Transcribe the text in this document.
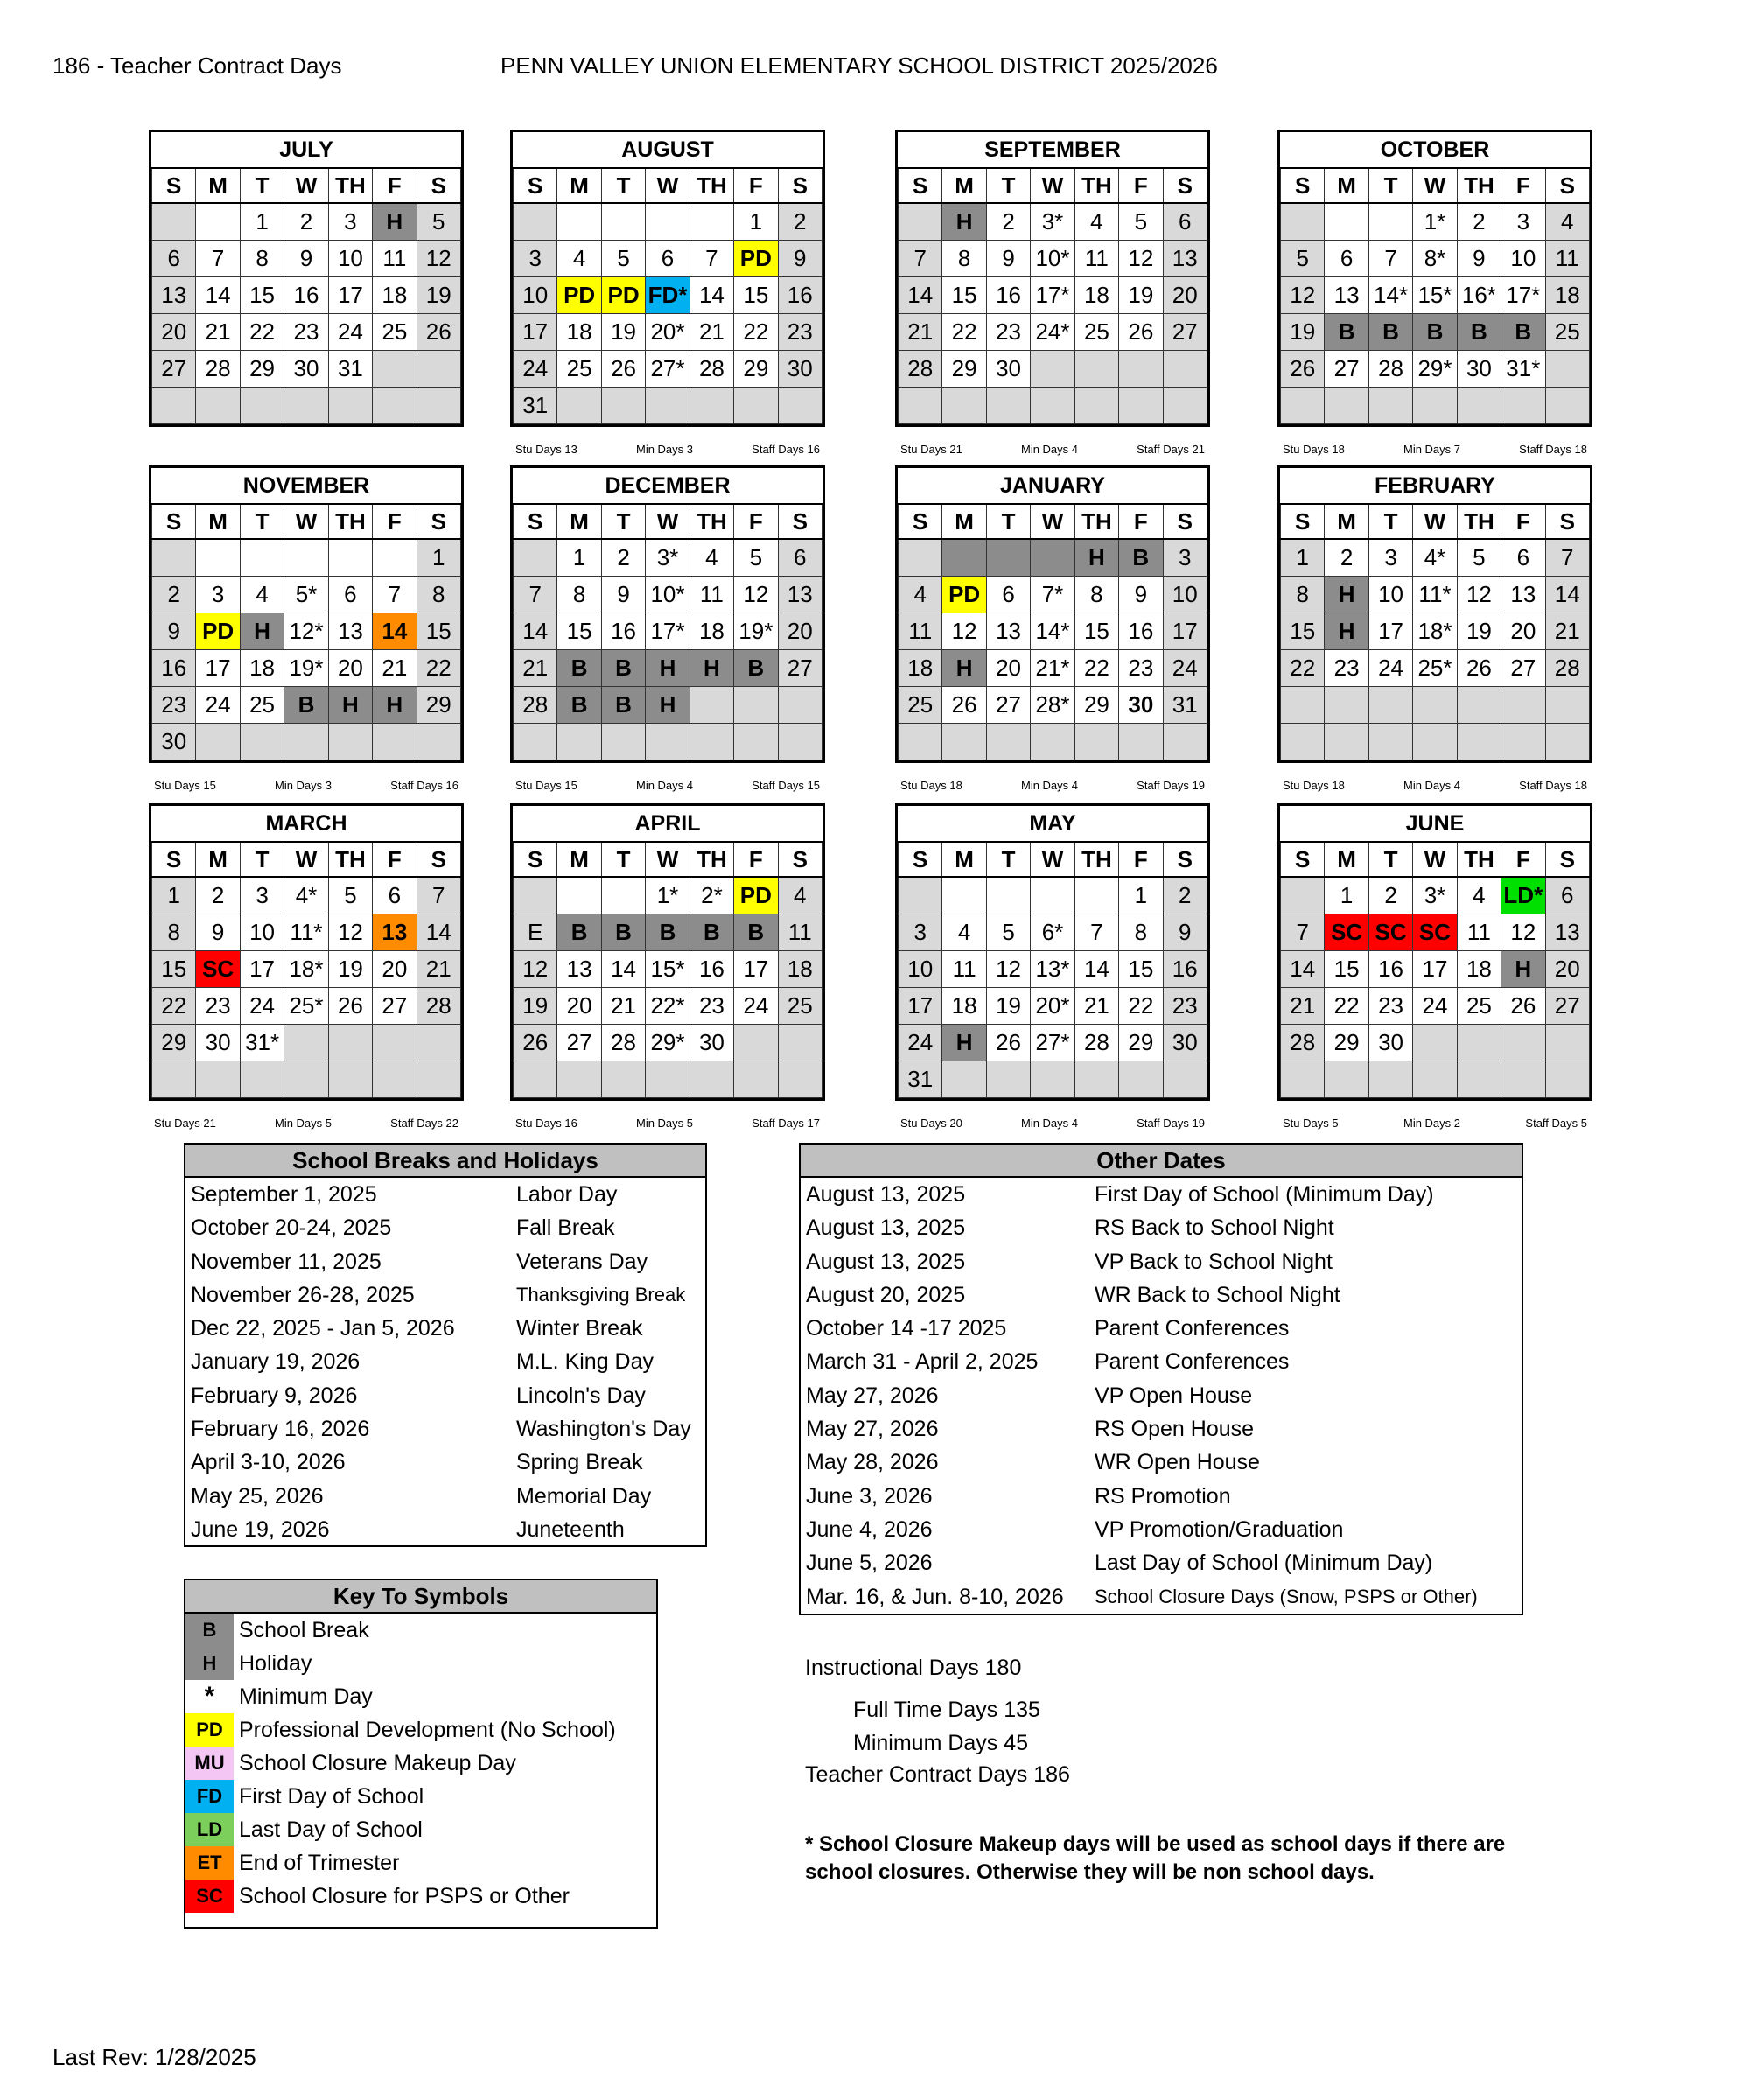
186 - Teacher Contract Days	PENN VALLEY UNION ELEMENTARY SCHOOL DISTRICT 2025/2026
JULY						
S	M	T	W	TH	F	S
		1	2	3	H	5
6	7	8	9	10	11	12
13	14	15	16	17	18	19
20	21	22	23	24	25	26
27	28	29	30	31		

AUGUST						
S	M	T	W	TH	F	S
					1	2
3	4	5	6	7	PD	9
10	PD	PD	FD*	14	15	16
17	18	19	20*	21	22	23
24	25	26	27*	28	29	30
31						
Stu Days 13	Min Days 3	Staff Days 16
SEPTEMBER						
S	M	T	W	TH	F	S
	H	2	3*	4	5	6
7	8	9	10*	11	12	13
14	15	16	17*	18	19	20
21	22	23	24*	25	26	27
28	29	30				

Stu Days 21	Min Days 4	Staff Days 21
OCTOBER						
S	M	T	W	TH	F	S
			1*	2	3	4
5	6	7	8*	9	10	11
12	13	14*	15*	16*	17*	18
19	B	B	B	B	B	25
26	27	28	29*	30	31*	

Stu Days 18	Min Days 7	Staff Days 18
NOVEMBER						
S	M	T	W	TH	F	S
						1
2	3	4	5*	6	7	8
9	PD	H	12*	13	14	15
16	17	18	19*	20	21	22
23	24	25	B	H	H	29
30						
Stu Days 15	Min Days 3	Staff Days 16
DECEMBER						
S	M	T	W	TH	F	S
	1	2	3*	4	5	6
7	8	9	10*	11	12	13
14	15	16	17*	18	19*	20
21	B	B	H	H	B	27
28	B	B	H			

Stu Days 15	Min Days 4	Staff Days 15
JANUARY						
S	M	T	W	TH	F	S
				H	B	3
4	PD	6	7*	8	9	10
11	12	13	14*	15	16	17
18	H	20	21*	22	23	24
25	26	27	28*	29	30	31

Stu Days 18	Min Days 4	Staff Days 19
FEBRUARY						
S	M	T	W	TH	F	S
1	2	3	4*	5	6	7
8	H	10	11*	12	13	14
15	H	17	18*	19	20	21
22	23	24	25*	26	27	28

Stu Days 18	Min Days 4	Staff Days 18
MARCH						
S	M	T	W	TH	F	S
1	2	3	4*	5	6	7
8	9	10	11*	12	13	14
15	SC	17	18*	19	20	21
22	23	24	25*	26	27	28
29	30	31*				

Stu Days 21	Min Days 5	Staff Days 22
APRIL						
S	M	T	W	TH	F	S
			1*	2*	PD	4
E	B	B	B	B	B	11
12	13	14	15*	16	17	18
19	20	21	22*	23	24	25
26	27	28	29*	30		

Stu Days 16	Min Days 5	Staff Days 17
MAY						
S	M	T	W	TH	F	S
					1	2
3	4	5	6*	7	8	9
10	11	12	13*	14	15	16
17	18	19	20*	21	22	23
24	H	26	27*	28	29	30
31						
Stu Days 20	Min Days 4	Staff Days 19
JUNE						
S	M	T	W	TH	F	S
	1	2	3*	4	LD*	6
7	SC	SC	SC	11	12	13
14	15	16	17	18	H	20
21	22	23	24	25	26	27
28	29	30				

Stu Days 5	Min Days 2	Staff Days 5
School Breaks and Holidays
September 1, 2025	Labor Day
October 20-24, 2025	Fall Break
November 11, 2025	Veterans Day
November 26-28, 2025	Thanksgiving Break
Dec 22, 2025 - Jan 5, 2026	Winter Break
January 19, 2026	M.L. King Day
February 9, 2026	Lincoln's Day
February 16, 2026	Washington's Day
April 3-10, 2026	Spring Break
May 25, 2026	Memorial Day
June 19, 2026	Juneteenth
Other Dates
August 13, 2025	First Day of School (Minimum Day)
August 13, 2025	RS Back to School Night
August 13, 2025	VP Back to School Night
August 20, 2025	WR Back to School Night
October 14 -17 2025	Parent Conferences
March 31 - April 2, 2025	Parent Conferences
May 27, 2026	VP Open House
May 27, 2026	RS Open House
May 28, 2026	WR Open House
June 3, 2026	RS Promotion
June 4, 2026	VP Promotion/Graduation
June 5, 2026	Last Day of School (Minimum Day)
Mar. 16, & Jun. 8-10, 2026	School Closure Days (Snow, PSPS or Other)
Key To Symbols
B	School Break
H	Holiday
*	Minimum Day
PD Professional Development (No School)
MU School Closure Makeup Day
FD First Day of School
LD Last Day of School
ET End of Trimester
SC School Closure for PSPS or Other
Instructional Days 180
Full Time Days 135
Minimum Days 45
Teacher Contract Days 186
* School Closure Makeup days will be used as school days if there are school closures. Otherwise they will be non school days.
Last Rev: 1/28/2025
